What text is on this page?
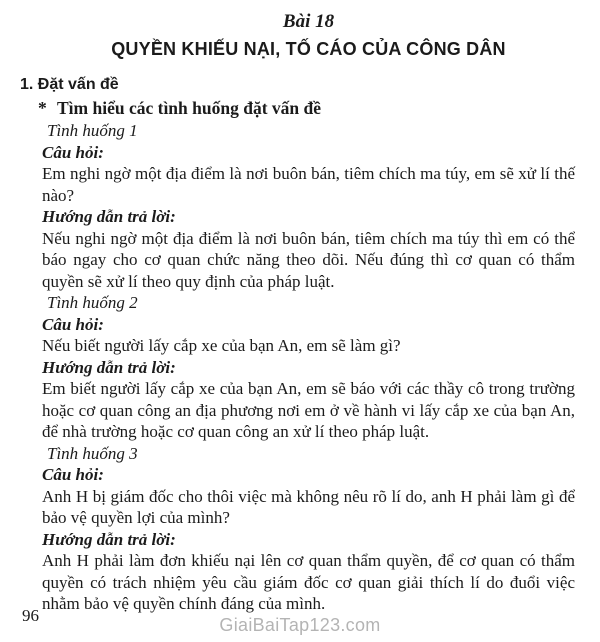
Bài 18

QUYỀN KHIẾU NẠI, TỐ CÁO CỦA CÔNG DÂN

1. Đặt vấn đề

* Tìm hiểu các tình huống đặt vấn đề

Tình huống 1

Câu hỏi:

Em nghi ngờ một địa điểm là nơi buôn bán, tiêm chích ma túy, em sẽ xử lí thế nào?

Hướng dẫn trả lời:

Nếu nghi ngờ một địa điểm là nơi buôn bán, tiêm chích ma túy thì em có thể báo ngay cho cơ quan chức năng theo dõi. Nếu đúng thì cơ quan có thẩm quyền sẽ xử lí theo quy định của pháp luật.

Tình huống 2

Câu hỏi:

Nếu biết người lấy cắp xe của bạn An, em sẽ làm gì?

Hướng dẫn trả lời:

Em biết người lấy cắp xe của bạn An, em sẽ báo với các thầy cô trong trường hoặc cơ quan công an địa phương nơi em ở về hành vi lấy cắp xe của bạn An, để nhà trường hoặc cơ quan công an xử lí theo pháp luật.

Tình huống 3

Câu hỏi:

Anh H bị giám đốc cho thôi việc mà không nêu rõ lí do, anh H phải làm gì để bảo vệ quyền lợi của mình?

Hướng dẫn trả lời:

Anh H phải làm đơn khiếu nại lên cơ quan thẩm quyền, để cơ quan có thẩm quyền có trách nhiệm yêu cầu giám đốc cơ quan giải thích lí do đuổi việc nhằm bảo vệ quyền chính đáng của mình.

96	GiaiBaiTap123.com
